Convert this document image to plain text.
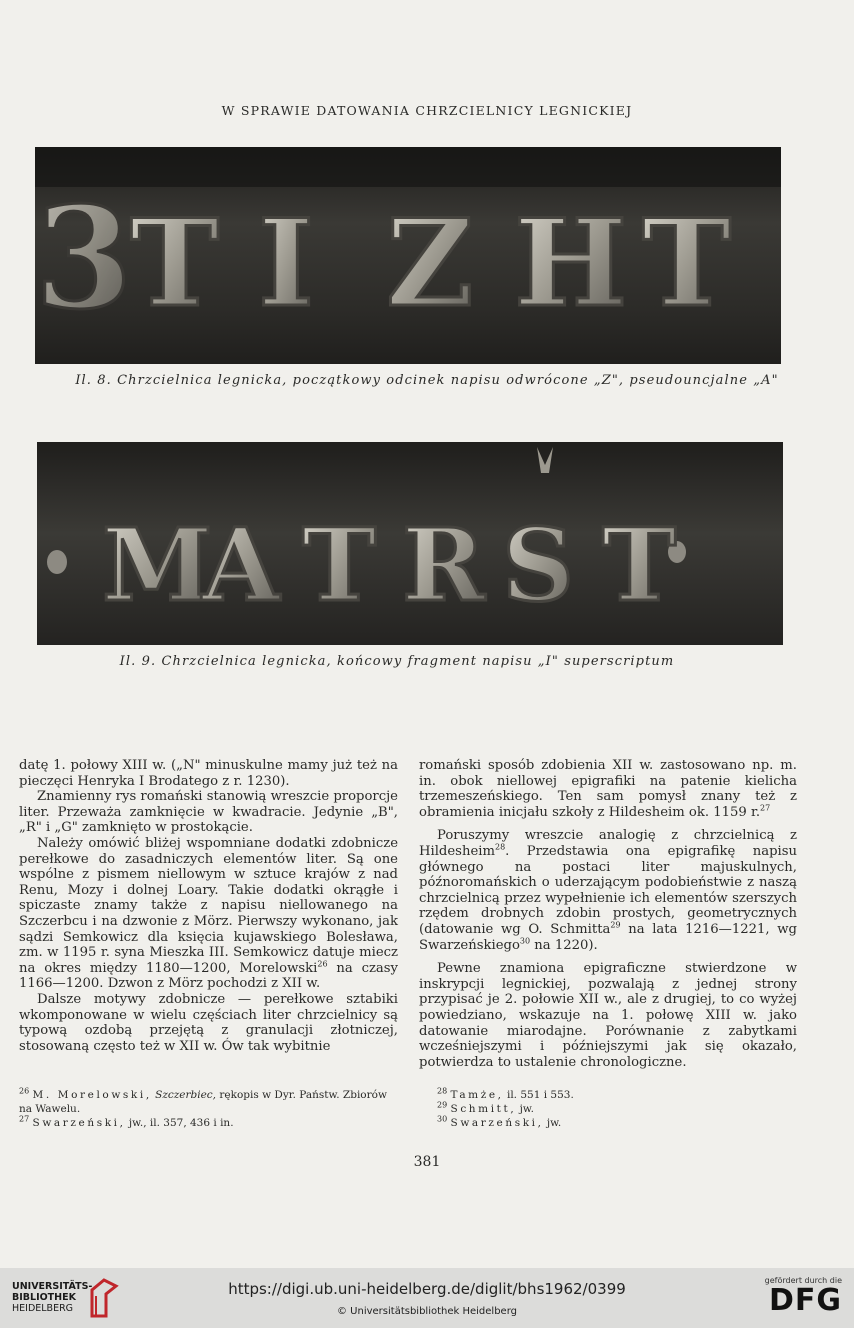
W SPRAWIE DATOWANIA CHRZCIELNICY LEGNICKIEJ
3
T I Z H T
Il. 8. Chrzcielnica legnicka, początkowy odcinek napisu odwrócone „Z", pseudouncjalne „A"
M
A T R S T
Il. 9. Chrzcielnica legnicka, końcowy fragment napisu „I" superscriptum

datę 1. połowy XIII w. („N" minuskulne mamy już też na pieczęci Henryka I Brodatego z r. 1230).

Znamienny rys romański stanowią wreszcie proporcje liter. Przeważa zamknięcie w kwadracie. Jedynie „B", „R" i „G" zamknięto w prostokącie.

Należy omówić bliżej wspomniane dodatki zdobnicze perełkowe do zasadniczych elementów liter. Są one wspólne z pismem niellowym w sztuce krajów z nad Renu, Mozy i dolnej Loary. Takie dodatki okrągłe i spiczaste znamy także z napisu niellowanego na Szczerbcu i na dzwonie z Mörz. Pierwszy wykonano, jak sądzi Semkowicz dla księcia kujawskiego Bolesława, zm. w 1195 r. syna Mieszka III. Semkowicz datuje miecz na okres między 1180—1200, Morelowski$^{26}$ na czasy 1166—1200. Dzwon z Mörz pochodzi z XII w.

Dalsze motywy zdobnicze — perełkowe sztabiki wkomponowane w wielu częściach liter chrzcielnicy są typową ozdobą przejętą z granulacji złotniczej, stosowaną często też w XII w. Ów tak wybitnie

romański sposób zdobienia XII w. zastosowano np. m. in. obok niellowej epigrafiki na patenie kielicha trzemeszeńskiego. Ten sam pomysł znany też z obramienia inicjału szkoły z Hildesheim ok. 1159 r.$^{27}$

Poruszymy wreszcie analogię z chrzcielnicą z Hildesheim$^{28}$. Przedstawia ona epigrafikę napisu głównego na postaci liter majuskulnych, późnoromańskich o uderzającym podobieństwie z naszą chrzcielnicą przez wypełnienie ich elementów szerszych rzędem drobnych zdobin prostych, geometrycznych (datowanie wg O. Schmitta$^{29}$ na lata 1216—1221, wg Swarzeńskiego$^{30}$ na 1220).

Pewne znamiona epigraficzne stwierdzone w inskrypcji legnickiej, pozwalają z jednej strony przypisać je 2. połowie XII w., ale z drugiej, to co wyżej powiedziano, wskazuje na 1. połowę XIII w. jako datowanie miarodajne. Porównanie z zabytkami wcześniejszymi i późniejszymi jak się okazało, potwierdza to ustalenie chronologiczne.

$^{26}$ M. Morelowski, Szczerbiec, rękopis w Dyr. Państw. Zbiorów na Wawelu.

$^{27}$ Swarzeński, jw., il. 357, 436 i in.

$^{28}$ Tamże, il. 551 i 553.

$^{29}$ Schmitt, jw.

$^{30}$ Swarzeński, jw.

381
UNIVERSITÄTS-
BIBLIOTHEK
HEIDELBERG
https://digi.ub.uni-heidelberg.de/diglit/bhs1962/0399
© Universitätsbibliothek Heidelberg
gefördert durch die
DFG
